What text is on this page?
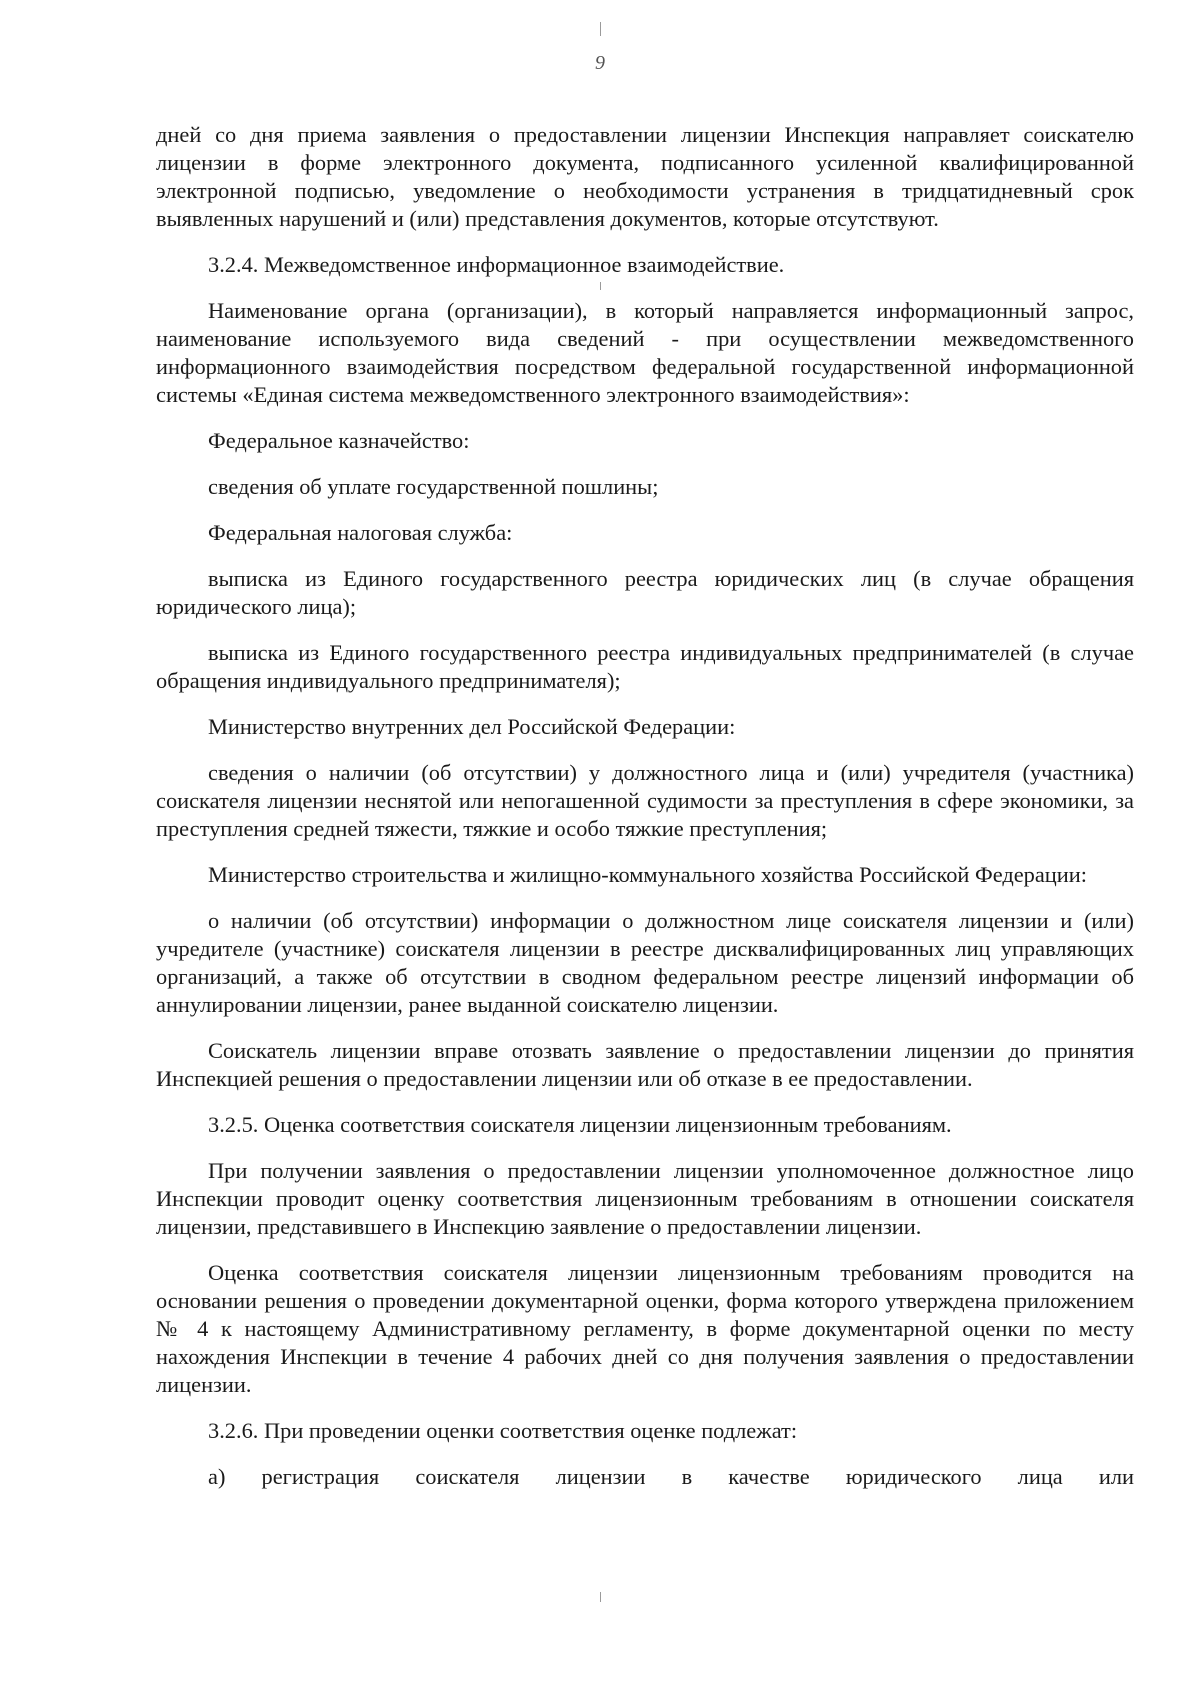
9

дней со дня приема заявления о предоставлении лицензии Инспекция направляет соискателю лицензии в форме электронного документа, подписанного усиленной квалифицированной электронной подписью, уведомление о необходимости устранения в тридцатидневный срок выявленных нарушений и (или) представления документов, которые отсутствуют.

3.2.4. Межведомственное информационное взаимодействие.

Наименование органа (организации), в который направляется информационный запрос, наименование используемого вида сведений - при осуществлении межведомственного информационного взаимодействия посредством федеральной государственной информационной системы «Единая система межведомственного электронного взаимодействия»:

Федеральное казначейство:

сведения об уплате государственной пошлины;

Федеральная налоговая служба:

выписка из Единого государственного реестра юридических лиц (в случае обращения юридического лица);

выписка из Единого государственного реестра индивидуальных предпринимателей (в случае обращения индивидуального предпринимателя);

Министерство внутренних дел Российской Федерации:

сведения о наличии (об отсутствии) у должностного лица и (или) учредителя (участника) соискателя лицензии неснятой или непогашенной судимости за преступления в сфере экономики, за преступления средней тяжести, тяжкие и особо тяжкие преступления;

Министерство строительства и жилищно-коммунального хозяйства Российской Федерации:

о наличии (об отсутствии) информации о должностном лице соискателя лицензии и (или) учредителе (участнике) соискателя лицензии в реестре дисквалифицированных лиц управляющих организаций, а также об отсутствии в сводном федеральном реестре лицензий информации об аннулировании лицензии, ранее выданной соискателю лицензии.

Соискатель лицензии вправе отозвать заявление о предоставлении лицензии до принятия Инспекцией решения о предоставлении лицензии или об отказе в ее предоставлении.

3.2.5. Оценка соответствия соискателя лицензии лицензионным требованиям.

При получении заявления о предоставлении лицензии уполномоченное должностное лицо Инспекции проводит оценку соответствия лицензионным требованиям в отношении соискателя лицензии, представившего в Инспекцию заявление о предоставлении лицензии.

Оценка соответствия соискателя лицензии лицензионным требованиям проводится на основании решения о проведении документарной оценки, форма которого утверждена приложением № 4 к настоящему Административному регламенту, в форме документарной оценки по месту нахождения Инспекции в течение 4 рабочих дней со дня получения заявления о предоставлении лицензии.

3.2.6. При проведении оценки соответствия оценке подлежат:

а) регистрация соискателя лицензии в качестве юридического лица или
